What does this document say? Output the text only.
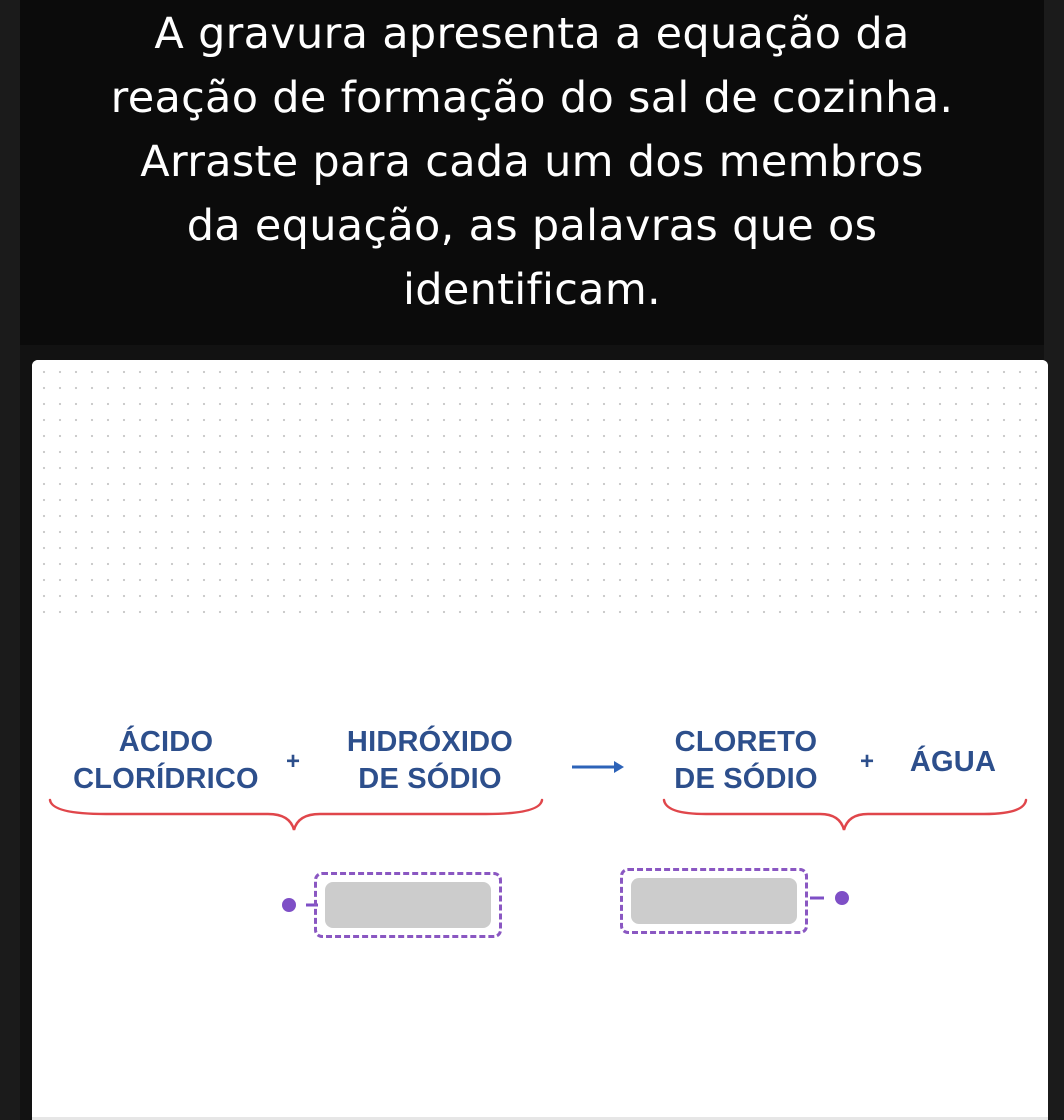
A gravura apresenta a equação da
reação de formação do sal de cozinha.
Arraste para cada um dos membros
da equação, as palavras que os
identificam.
ÁCIDO
CLORÍDRICO
+
HIDRÓXIDO
DE SÓDIO
CLORETO
DE SÓDIO
+	ÁGUA
